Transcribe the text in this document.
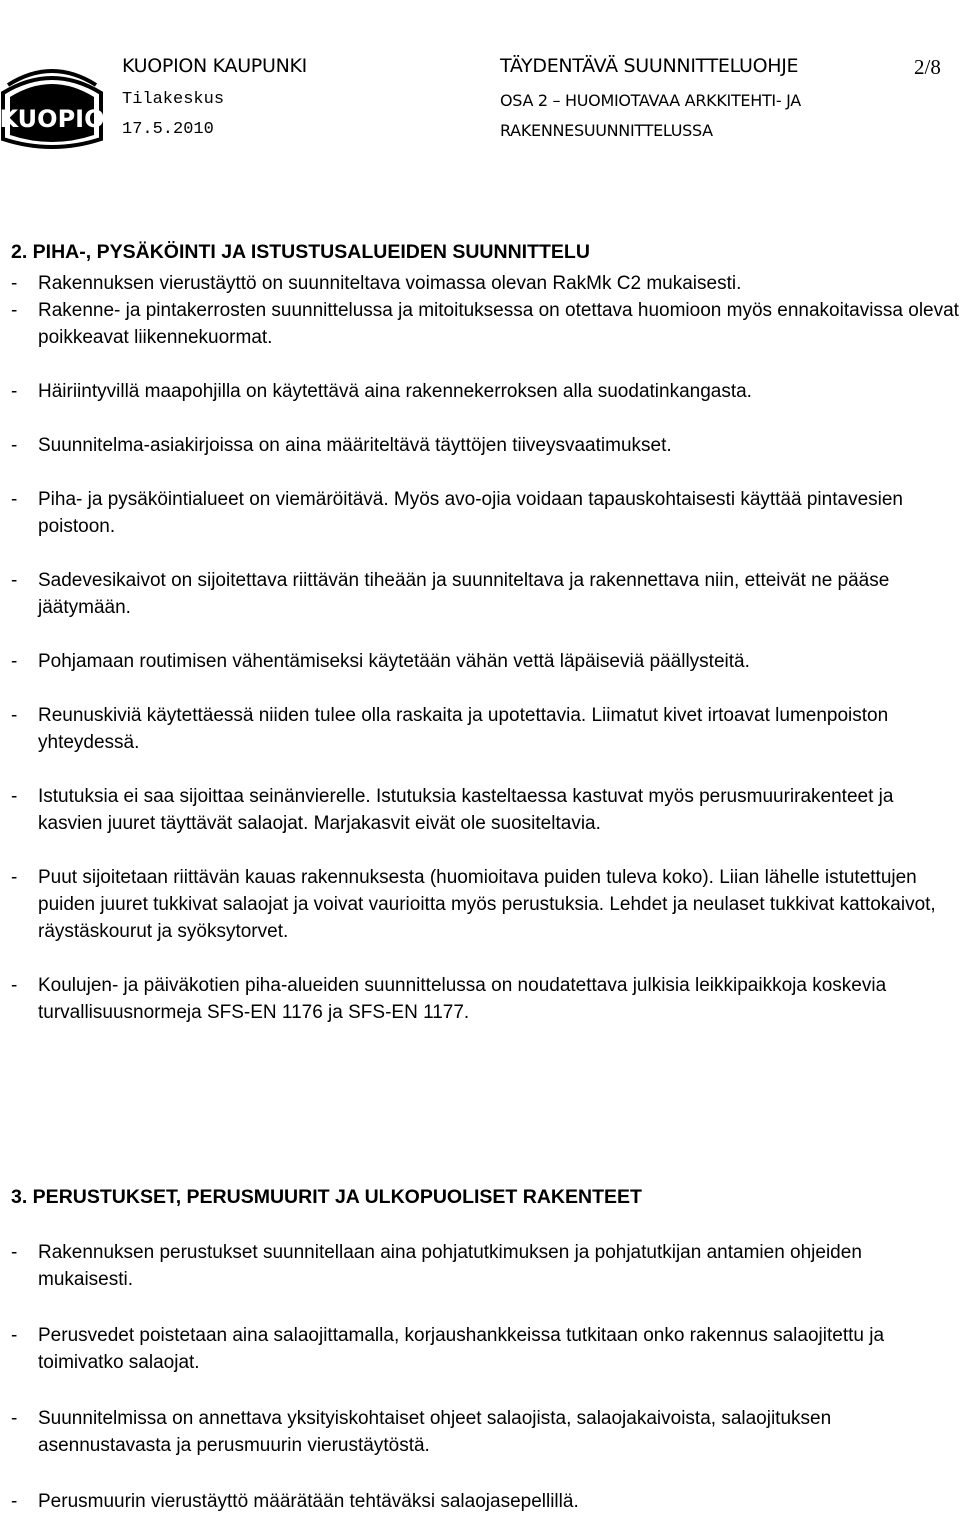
KUOPIO
KUOPION KAUPUNKI	TÄYDENTÄVÄ SUUNNITTELUOHJE	2/8
Tilakeskus	OSA 2 – HUOMIOTAVAA ARKKITEHTI- JA
17.5.2010	RAKENNESUUNNITTELUSSA
2. PIHA-, PYSÄKÖINTI JA ISTUSTUSALUEIDEN SUUNNITTELU
- Rakennuksen vierustäyttö on suunniteltava voimassa olevan RakMk C2 mukaisesti.
- Rakenne- ja pintakerrosten suunnittelussa ja mitoituksessa on otettava huomioon myös ennakoitavissa olevat poikkeavat liikennekuormat.
- Häiriintyvillä maapohjilla on käytettävä aina rakennekerroksen alla suodatinkangasta.
- Suunnitelma-asiakirjoissa on aina määriteltävä täyttöjen tiiveysvaatimukset.
- Piha- ja pysäköintialueet on viemäröitävä. Myös avo-ojia voidaan tapauskohtaisesti käyttää pintavesien poistoon.
- Sadevesikaivot on sijoitettava riittävän tiheään ja suunniteltava ja rakennettava niin, etteivät ne pääse jäätymään.
- Pohjamaan routimisen vähentämiseksi käytetään vähän vettä läpäiseviä päällysteitä.
- Reunuskiviä käytettäessä niiden tulee olla raskaita ja upotettavia. Liimatut kivet irtoavat lumenpoiston yhteydessä.
- Istutuksia ei saa sijoittaa seinänvierelle. Istutuksia kasteltaessa kastuvat myös perusmuurirakenteet ja kasvien juuret täyttävät salaojat. Marjakasvit eivät ole suositeltavia.
- Puut sijoitetaan riittävän kauas rakennuksesta (huomioitava puiden tuleva koko). Liian lähelle istutettujen puiden juuret tukkivat salaojat ja voivat vaurioitta myös perustuksia. Lehdet ja neulaset tukkivat kattokaivot, räystäskourut ja syöksytorvet.
- Koulujen- ja päiväkotien piha-alueiden suunnittelussa on noudatettava julkisia leikkipaikkoja koskevia turvallisuusnormeja SFS-EN 1176 ja SFS-EN 1177.
3. PERUSTUKSET, PERUSMUURIT JA ULKOPUOLISET RAKENTEET
- Rakennuksen perustukset suunnitellaan aina pohjatutkimuksen ja pohjatutkijan antamien ohjeiden mukaisesti.
- Perusvedet poistetaan aina salaojittamalla, korjaushankkeissa tutkitaan onko rakennus salaojitettu ja toimivatko salaojat.
- Suunnitelmissa on annettava yksityiskohtaiset ohjeet salaojista, salaojakaivoista, salaojituksen asennustavasta ja perusmuurin vierustäytöstä.
- Perusmuurin vierustäyttö määrätään tehtäväksi salaojasepellillä.
